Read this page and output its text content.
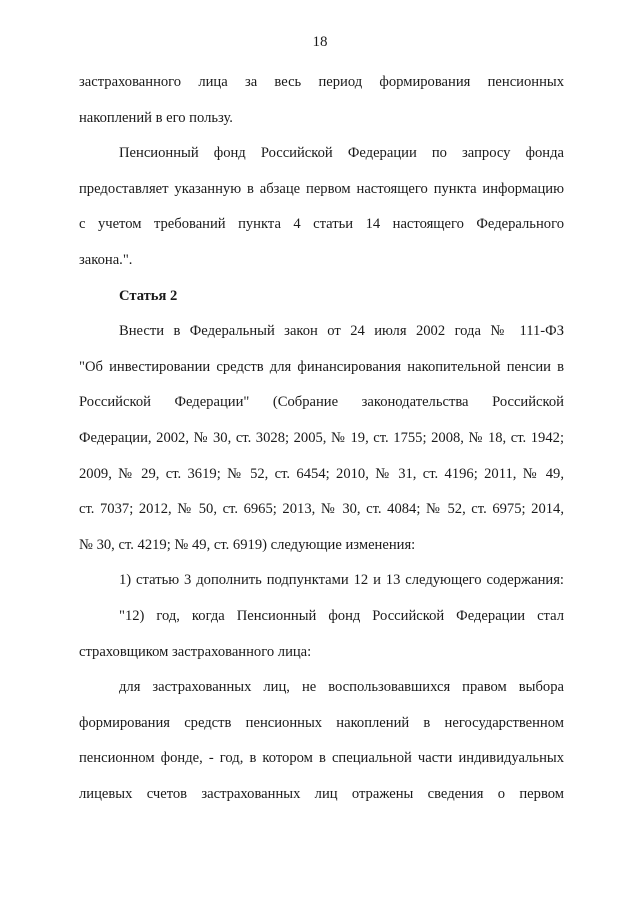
18
застрахованного лица за весь период формирования пенсионных
накоплений в его пользу.
Пенсионный фонд Российской Федерации по запросу фонда
предоставляет указанную в абзаце первом настоящего пункта информацию
с учетом требований пункта 4 статьи 14 настоящего Федерального
закона.".
Статья 2
Внести в Федеральный закон от 24 июля 2002 года № 111-ФЗ
"Об инвестировании средств для финансирования накопительной пенсии в
Российской Федерации" (Собрание законодательства Российской
Федерации, 2002, № 30, ст. 3028; 2005, № 19, ст. 1755; 2008, № 18, ст. 1942;
2009, № 29, ст. 3619; № 52, ст. 6454; 2010, № 31, ст. 4196; 2011, № 49,
ст. 7037; 2012, № 50, ст. 6965; 2013, № 30, ст. 4084; № 52, ст. 6975; 2014,
№ 30, ст. 4219; № 49, ст. 6919) следующие изменения:
1) статью 3 дополнить подпунктами 12 и 13 следующего содержания:
"12) год, когда Пенсионный фонд Российской Федерации стал
страховщиком застрахованного лица:
для застрахованных лиц, не воспользовавшихся правом выбора
формирования средств пенсионных накоплений в негосударственном
пенсионном фонде, - год, в котором в специальной части индивидуальных
лицевых счетов застрахованных лиц отражены сведения о первом
